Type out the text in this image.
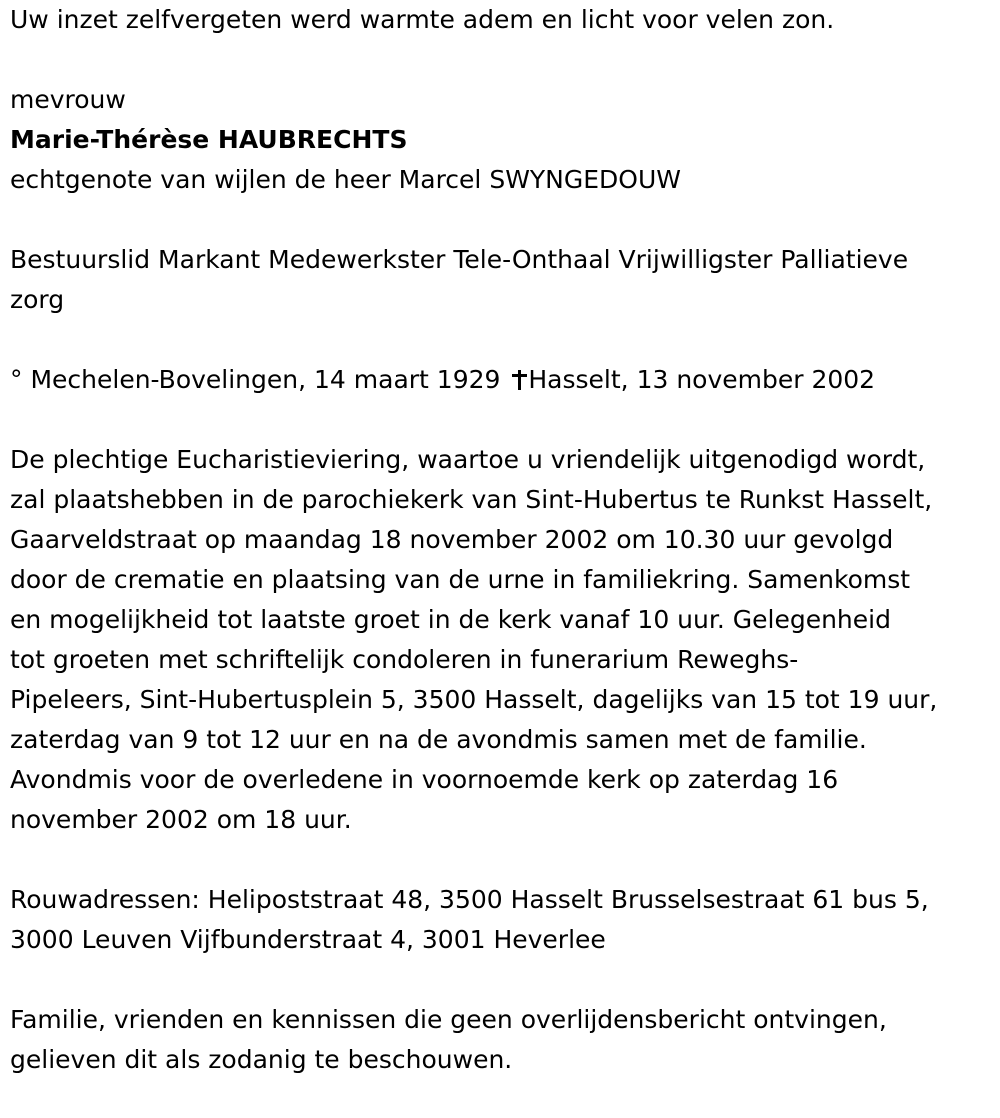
Uw inzet zelfvergeten werd warmte adem en licht voor velen zon.
mevrouw
Marie-Thérèse HAUBRECHTS
echtgenote van wijlen de heer Marcel SWYNGEDOUW
Bestuurslid Markant Medewerkster Tele-Onthaal Vrijwilligster Palliatieve
zorg
° Mechelen-Bovelingen, 14 maart 1929 Hasselt, 13 november 2002
De plechtige Eucharistieviering, waartoe u vriendelijk uitgenodigd wordt,
zal plaatshebben in de parochiekerk van Sint-Hubertus te Runkst Hasselt,
Gaarveldstraat op maandag 18 november 2002 om 10.30 uur gevolgd
door de crematie en plaatsing van de urne in familiekring. Samenkomst
en mogelijkheid tot laatste groet in de kerk vanaf 10 uur. Gelegenheid
tot groeten met schriftelijk condoleren in funerarium Reweghs-
Pipeleers, Sint-Hubertusplein 5, 3500 Hasselt, dagelijks van 15 tot 19 uur,
zaterdag van 9 tot 12 uur en na de avondmis samen met de familie.
Avondmis voor de overledene in voornoemde kerk op zaterdag 16
november 2002 om 18 uur.
Rouwadressen: Helipoststraat 48, 3500 Hasselt Brusselsestraat 61 bus 5,
3000 Leuven Vijfbunderstraat 4, 3001 Heverlee
Familie, vrienden en kennissen die geen overlijdensbericht ontvingen,
gelieven dit als zodanig te beschouwen.
